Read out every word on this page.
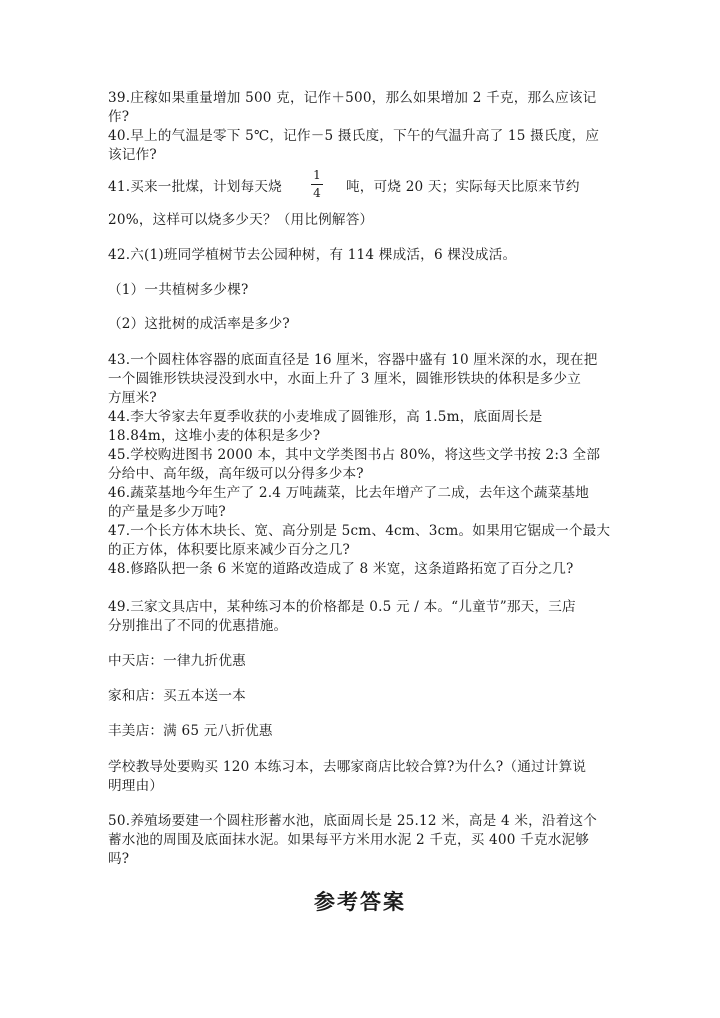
39.庄稼如果重量增加 500 克，记作＋500，那么如果增加 2 千克，那么应该记
作?
40.早上的气温是零下 5℃，记作－5 摄氏度，下午的气温升高了 15 摄氏度，应
该记作?
41.买来一批煤，计划每天烧
1
4 吨，可烧 20 天；实际每天比原来节约
20%，这样可以烧多少天？（用比例解答）
42.六(1)班同学植树节去公园种树，有 114 棵成活，6 棵没成活。
（1）一共植树多少棵?
（2）这批树的成活率是多少?
43.一个圆柱体容器的底面直径是 16 厘米，容器中盛有 10 厘米深的水，现在把
一个圆锥形铁块浸没到水中，水面上升了 3 厘米，圆锥形铁块的体积是多少立
方厘米?
44.李大爷家去年夏季收获的小麦堆成了圆锥形，高 1.5m，底面周长是
18.84m，这堆小麦的体积是多少?
45.学校购进图书 2000 本，其中文学类图书占 80%，将这些文学书按 2:3 全部
分给中、高年级，高年级可以分得多少本?
46.蔬菜基地今年生产了 2.4 万吨蔬菜，比去年增产了二成，去年这个蔬菜基地
的产量是多少万吨?
47.一个长方体木块长、宽、高分别是 5cm、4cm、3cm。如果用它锯成一个最大
的正方体，体积要比原来减少百分之几?
48.修路队把一条 6 米宽的道路改造成了 8 米宽，这条道路拓宽了百分之几?
49.三家文具店中，某种练习本的价格都是 0.5 元 / 本。“儿童节”那天，三店
分别推出了不同的优惠措施。
中天店：一律九折优惠
家和店：买五本送一本
丰美店：满 65 元八折优惠
学校教导处要购买 120 本练习本，去哪家商店比较合算?为什么?（通过计算说
明理由）
50.养殖场要建一个圆柱形蓄水池，底面周长是 25.12 米，高是 4 米，沿着这个
蓄水池的周围及底面抹水泥。如果每平方米用水泥 2 千克，买 400 千克水泥够
吗?
参考答案
